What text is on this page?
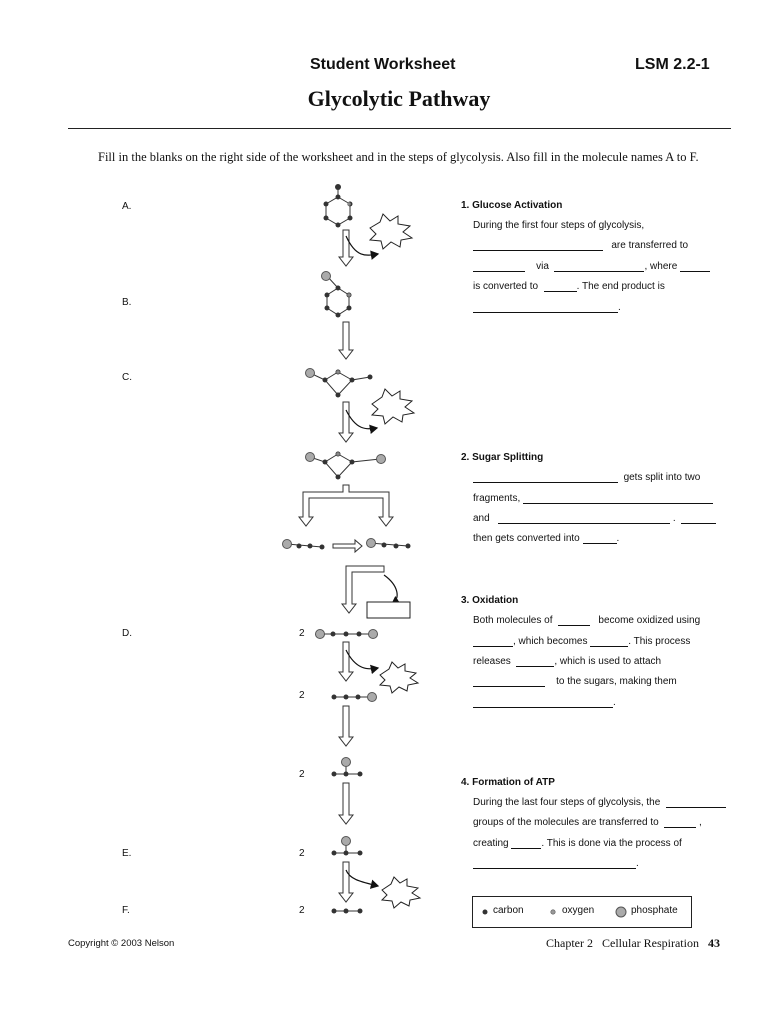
Student Worksheet	LSM 2.2-1
Glycolytic Pathway
Fill in the blanks on the right side of the worksheet and in the steps of glycolysis. Also fill in the molecule names A to F.
A.
B.
C.
D.
E.
F.
2
2
2
2
2
1. Glucose Activation
During the first four steps of glycolysis,
are transferred to
via	, where
is converted to	. The end product is
.
2. Sugar Splitting
gets split into two
fragments,
and	.
then gets converted into	.
3. Oxidation
Both molecules of	become oxidized using
, which becomes	. This process
releases	, which is used to attach
to the sugars, making them
.
4. Formation of ATP
During the last four steps of glycolysis, the
groups of the molecules are transferred to	,
creating	. This is done via the process of
.
carbon	oxygen	phosphate
Copyright © 2003 Nelson	Chapter 2 Cellular Respiration 43
